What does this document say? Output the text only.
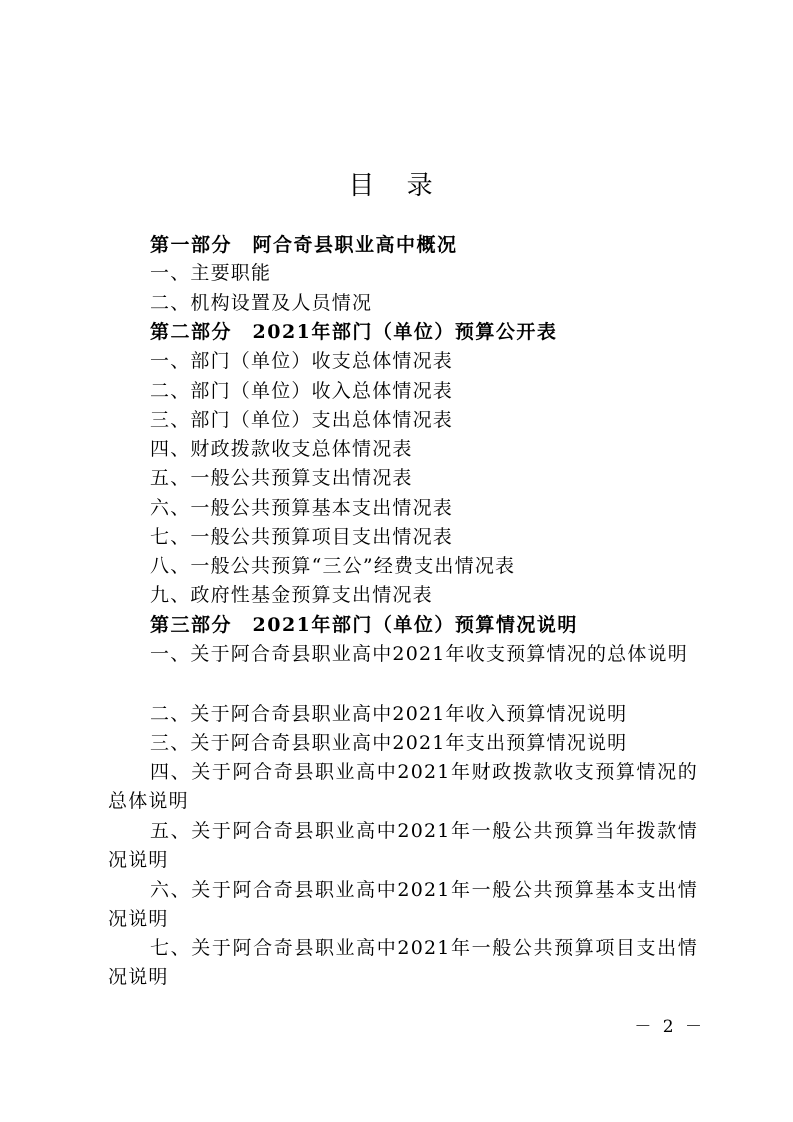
目 录
第一部分　阿合奇县职业高中概况
一、主要职能
二、机构设置及人员情况
第二部分　2021年部门（单位）预算公开表
一、部门（单位）收支总体情况表
二、部门（单位）收入总体情况表
三、部门（单位）支出总体情况表
四、财政拨款收支总体情况表
五、一般公共预算支出情况表
六、一般公共预算基本支出情况表
七、一般公共预算项目支出情况表
八、一般公共预算“三公”经费支出情况表
九、政府性基金预算支出情况表
第三部分　2021年部门（单位）预算情况说明
一、关于阿合奇县职业高中2021年收支预算情况的总体说明
二、关于阿合奇县职业高中2021年收入预算情况说明
三、关于阿合奇县职业高中2021年支出预算情况说明
四、关于阿合奇县职业高中2021年财政拨款收支预算情况的总体说明
五、关于阿合奇县职业高中2021年一般公共预算当年拨款情况说明
六、关于阿合奇县职业高中2021年一般公共预算基本支出情况说明
七、关于阿合奇县职业高中2021年一般公共预算项目支出情况说明
－ 2 －
